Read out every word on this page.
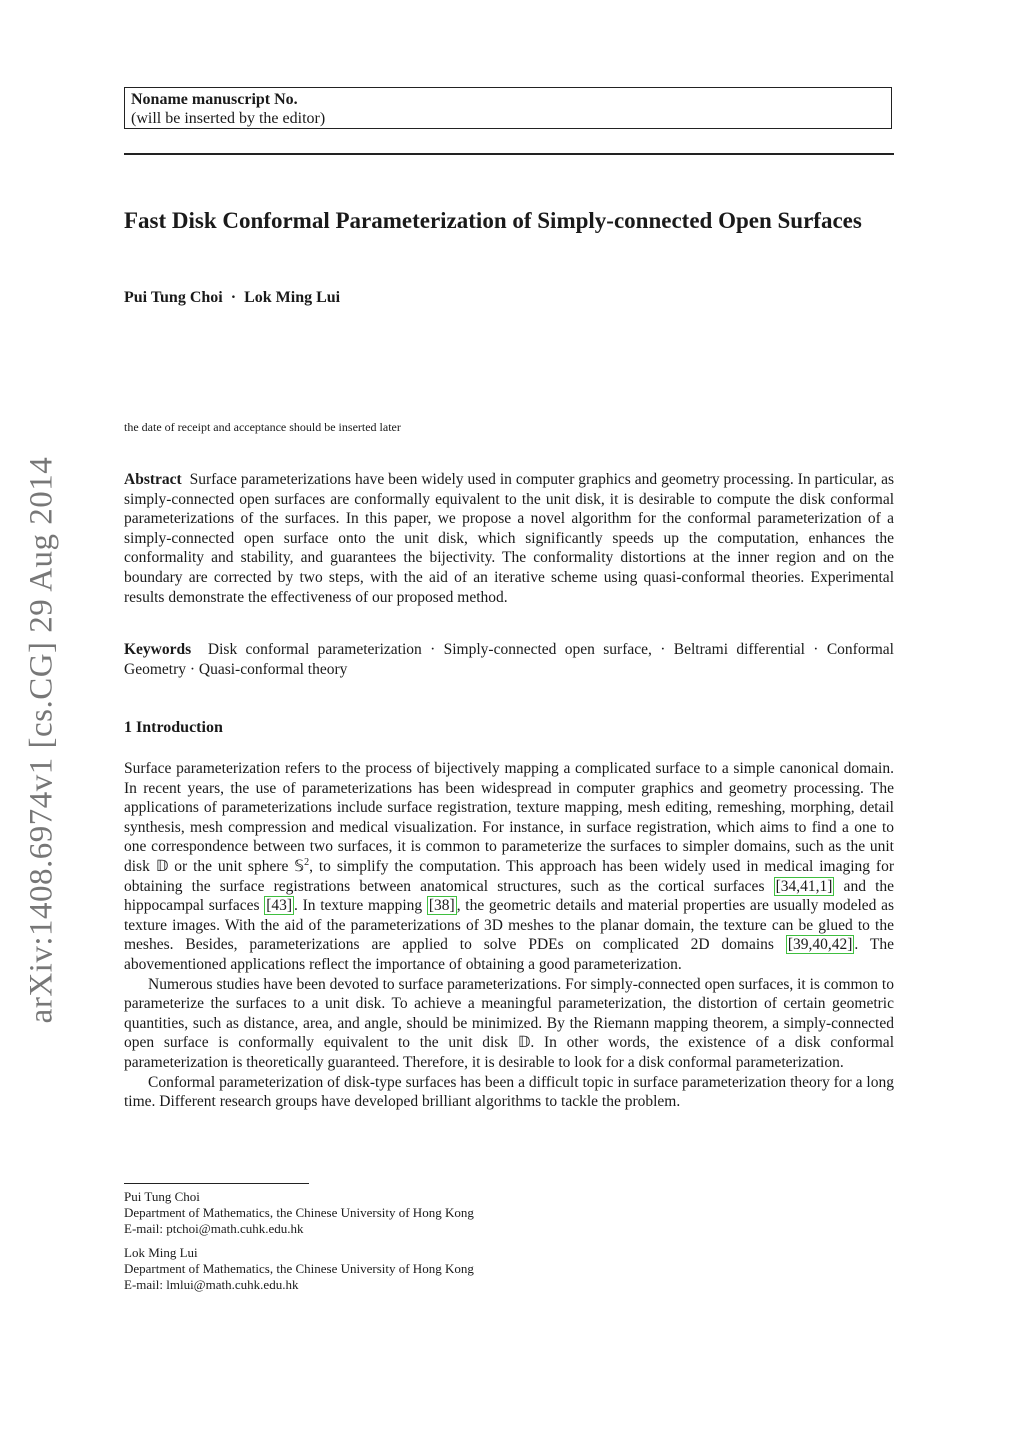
arXiv:1408.6974v1 [cs.CG] 29 Aug 2014
Noname manuscript No.
(will be inserted by the editor)
Fast Disk Conformal Parameterization of Simply-connected Open Surfaces
Pui Tung Choi · Lok Ming Lui
the date of receipt and acceptance should be inserted later

Abstract Surface parameterizations have been widely used in computer graphics and geometry processing. In particular, as simply-connected open surfaces are conformally equivalent to the unit disk, it is desirable to compute the disk conformal parameterizations of the surfaces. In this paper, we propose a novel algorithm for the conformal parameterization of a simply-connected open surface onto the unit disk, which significantly speeds up the computation, enhances the conformality and stability, and guarantees the bijectivity. The conformality distortions at the inner region and on the boundary are corrected by two steps, with the aid of an iterative scheme using quasi-conformal theories. Experimental results demonstrate the effectiveness of our proposed method.

Keywords Disk conformal parameterization · Simply-connected open surface, · Beltrami differential · Conformal Geometry · Quasi-conformal theory

1 Introduction

Surface parameterization refers to the process of bijectively mapping a complicated surface to a simple canonical domain. In recent years, the use of parameterizations has been widespread in computer graphics and geometry processing. The applications of parameterizations include surface registration, texture mapping, mesh editing, remeshing, morphing, detail synthesis, mesh compression and medical visualization. For instance, in surface registration, which aims to find a one to one correspondence between two surfaces, it is common to parameterize the surfaces to simpler domains, such as the unit disk 𝔻 or the unit sphere 𝕊$^2$, to simplify the computation. This approach has been widely used in medical imaging for obtaining the surface registrations between anatomical structures, such as the cortical surfaces [34,41,1] and the hippocampal surfaces [43] . In texture mapping [38] , the geometric details and material properties are usually modeled as texture images. With the aid of the parameterizations of 3D meshes to the planar domain, the texture can be glued to the meshes. Besides, parameterizations are applied to solve PDEs on complicated 2D domains [39,40,42] . The abovementioned applications reflect the importance of obtaining a good parameterization.

Numerous studies have been devoted to surface parameterizations. For simply-connected open surfaces, it is common to parameterize the surfaces to a unit disk. To achieve a meaningful parameterization, the distortion of certain geometric quantities, such as distance, area, and angle, should be minimized. By the Riemann mapping theorem, a simply-connected open surface is conformally equivalent to the unit disk 𝔻. In other words, the existence of a disk conformal parameterization is theoretically guaranteed. Therefore, it is desirable to look for a disk conformal parameterization.

Conformal parameterization of disk-type surfaces has been a difficult topic in surface parameterization theory for a long time. Different research groups have developed brilliant algorithms to tackle the problem.

Pui Tung Choi
Department of Mathematics, the Chinese University of Hong Kong
E-mail: ptchoi@math.cuhk.edu.hk
Lok Ming Lui
Department of Mathematics, the Chinese University of Hong Kong
E-mail: lmlui@math.cuhk.edu.hk
